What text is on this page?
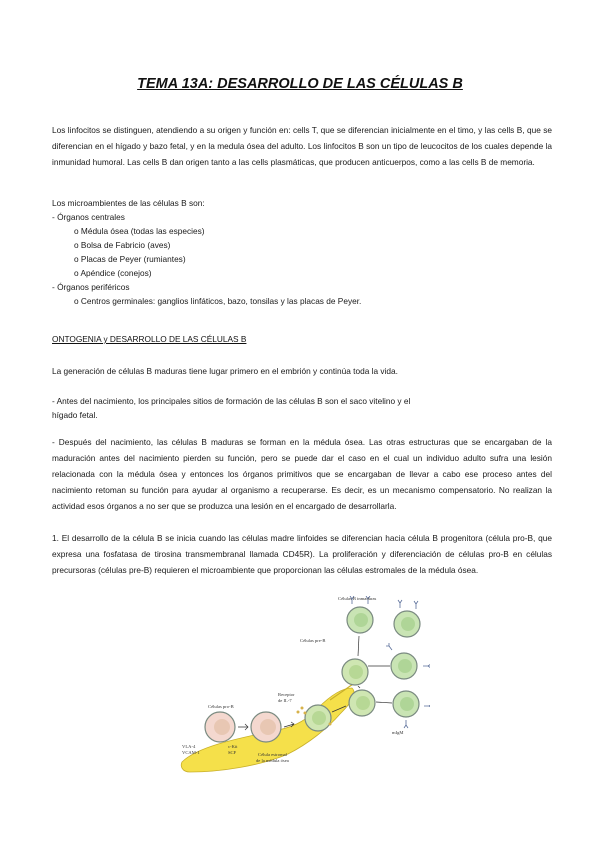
TEMA 13A: DESARROLLO DE LAS CÉLULAS B

Los linfocitos se distinguen, atendiendo a su origen y función en: cells T, que se diferencian inicialmente en el timo, y las cells B, que se diferencian en el hígado y bazo fetal, y en la medula ósea del adulto. Los linfocitos B son un tipo de leucocitos de los cuales depende la inmunidad humoral. Las cells B dan origen tanto a las cells plasmáticas, que producen anticuerpos, como a las cells B de memoria.

Los microambientes de las células B son:
- Órganos centrales
o Médula ósea (todas las especies)
o Bolsa de Fabricio (aves)
o Placas de Peyer (rumiantes)
o Apéndice (conejos)
- Órganos periféricos
o Centros germinales: ganglios linfáticos, bazo, tonsilas y las placas de Peyer.
ONTOGENIA y DESARROLLO DE LAS CÉLULAS B
La generación de células B maduras tiene lugar primero en el embrión y continúa toda la vida.
- Antes del nacimiento, los principales sitios de formación de las células B son el saco vitelino y el
hígado fetal.

- Después del nacimiento, las células B maduras se forman en la médula ósea. Las otras estructuras que se encargaban de la maduración antes del nacimiento pierden su función, pero se puede dar el caso en el cual un individuo adulto sufra una lesión relacionada con la médula ósea y entonces los órganos primitivos que se encargaban de llevar a cabo ese proceso antes del nacimiento retoman su función para ayudar al organismo a recuperarse. Es decir, es un mecanismo compensatorio. No realizan la actividad esos órganos a no ser que se produzca una lesión en el encargado de desarrollarla.

1. El desarrollo de la célula B se inicia cuando las células madre linfoides se diferencian hacia célula B progenitora (célula pro-B, que expresa una fosfatasa de tirosina transmembranal llamada CD45R). La proliferación y diferenciación de células pro-B en células precursoras (células pre-B) requieren el microambiente que proporcionan las células estromales de la médula ósea.

Células B inmaduras
Células pre-B
Células pro-B
Receptor
de IL-7
c-Kit
SCF
VLA-4
VCAM-1
mIgM
Célula estromal
de la médula ósea
